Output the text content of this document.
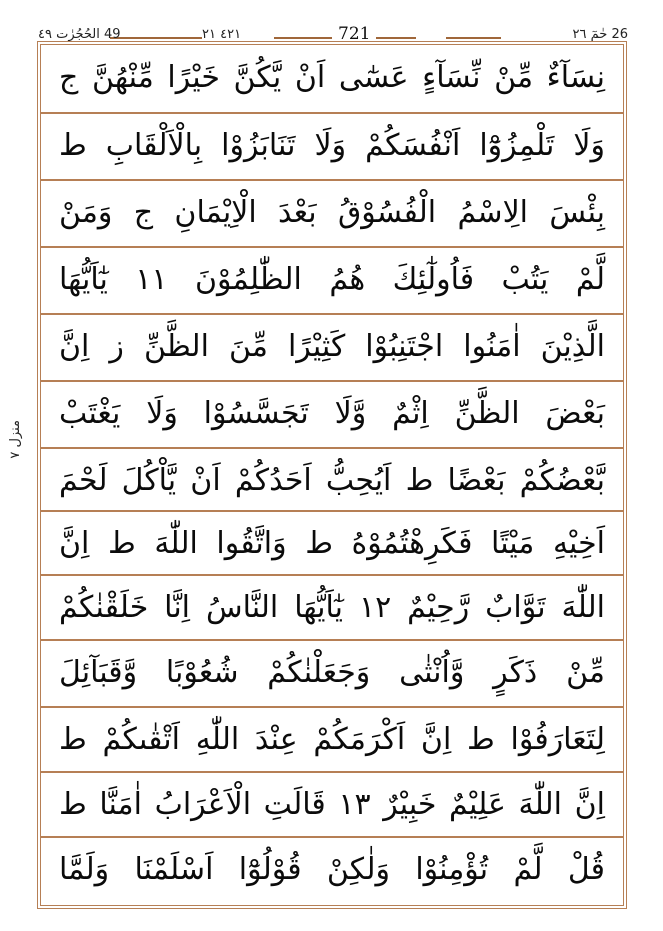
26 حٰمٓ ٢٦
٤٢١ ٢١	721
49 الحُجُرٰت ٤٩
منزل ٧
نِسَآءٌ مِّنْ نِّسَآءٍ عَسٰٓى اَنْ يَّكُنَّ خَيْرًا مِّنْهُنَّ ج
وَلَا تَلْمِزُوْٓا اَنْفُسَكُمْ وَلَا تَنَابَزُوْا بِالْاَلْقَابِ ط
بِئْسَ الِاسْمُ الْفُسُوْقُ بَعْدَ الْاِيْمَانِ ج وَمَنْ
لَّمْ يَتُبْ فَاُولٰٓئِكَ هُمُ الظّٰلِمُوْنَ ١١ يٰٓاَيُّهَا
الَّذِيْنَ اٰمَنُوا اجْتَنِبُوْا كَثِيْرًا مِّنَ الظَّنِّ ز اِنَّ
بَعْضَ الظَّنِّ اِثْمٌ وَّلَا تَجَسَّسُوْا وَلَا يَغْتَبْ
بَّعْضُكُمْ بَعْضًا ط اَيُحِبُّ اَحَدُكُمْ اَنْ يَّاْكُلَ لَحْمَ
اَخِيْهِ مَيْتًا فَكَرِهْتُمُوْهُ ط وَاتَّقُوا اللّٰهَ ط اِنَّ
اللّٰهَ تَوَّابٌ رَّحِيْمٌ ١٢ يٰٓاَيُّهَا النَّاسُ اِنَّا خَلَقْنٰكُمْ
مِّنْ ذَكَرٍ وَّاُنْثٰى وَجَعَلْنٰكُمْ شُعُوْبًا وَّقَبَآئِلَ
لِتَعَارَفُوْا ط اِنَّ اَكْرَمَكُمْ عِنْدَ اللّٰهِ اَتْقٰىكُمْ ط
اِنَّ اللّٰهَ عَلِيْمٌ خَبِيْرٌ ١٣ قَالَتِ الْاَعْرَابُ اٰمَنَّا ط
قُلْ لَّمْ تُؤْمِنُوْا وَلٰكِنْ قُوْلُوْٓا اَسْلَمْنَا وَلَمَّا
